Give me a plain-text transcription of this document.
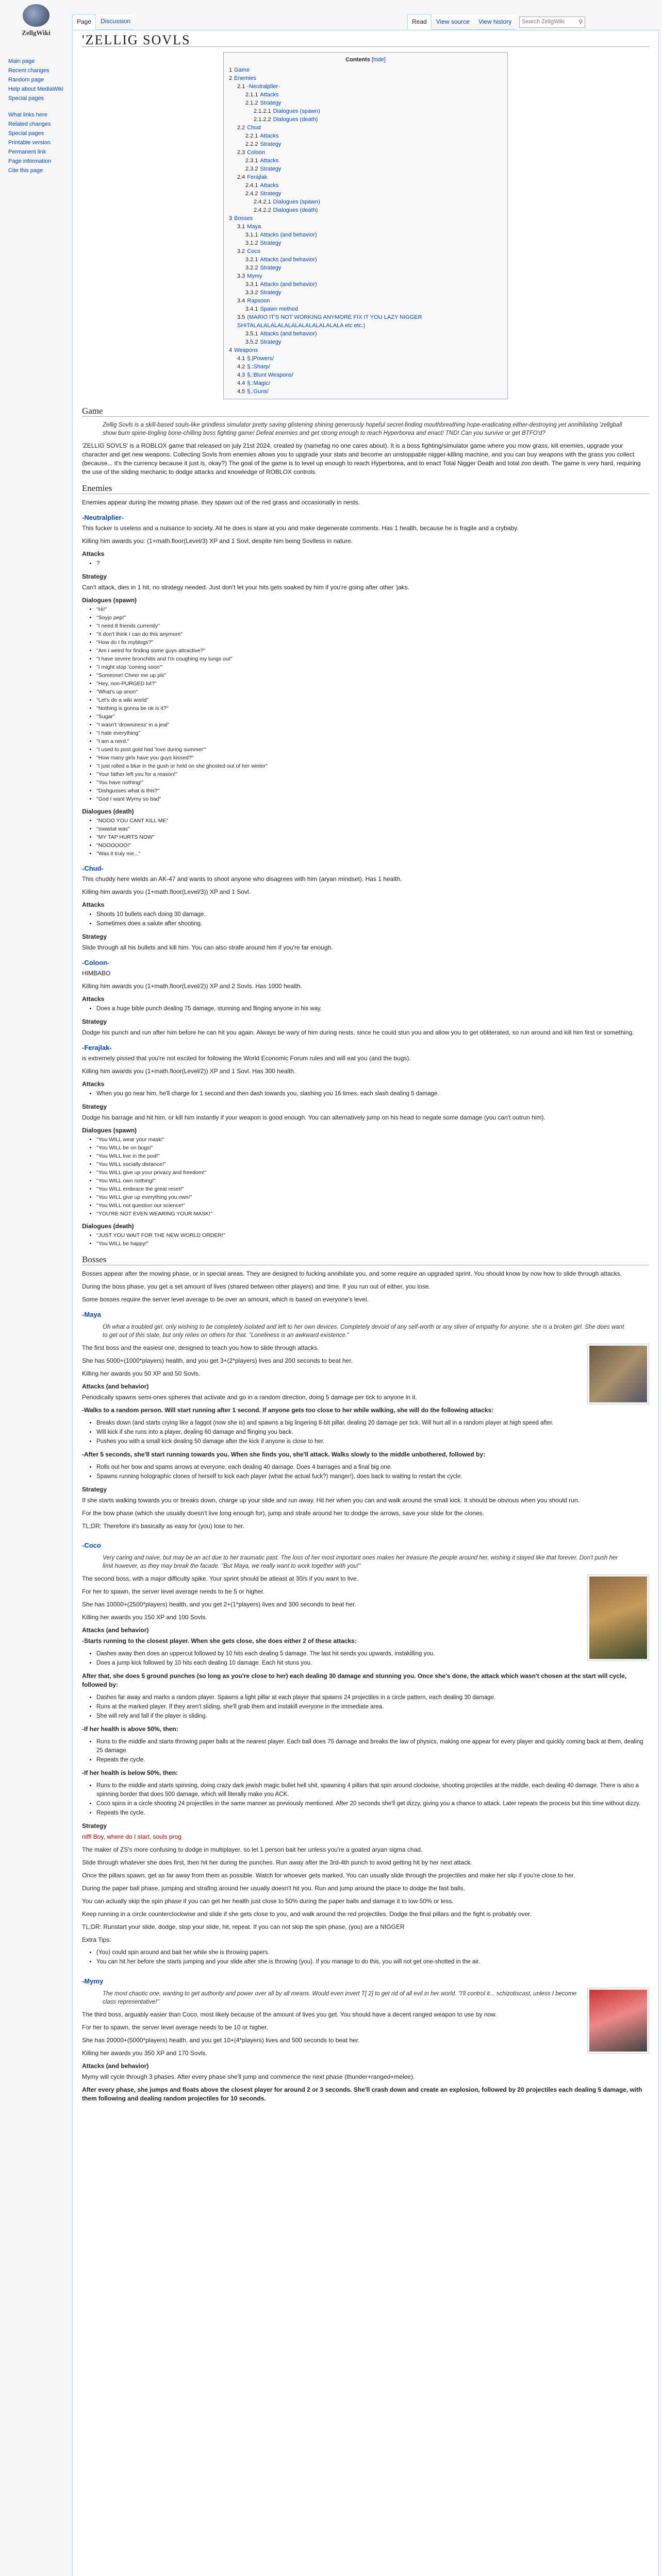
ZellgWiki
Main page
Recent changes
Random page
Help about MediaWiki
Special pages
What links here
Related changes
Special pages
Printable version
Permanent link
Page information
Cite this page
Page	Discussion	Read	View source	View history	Search ZellgWiki ⚲
'ZELLIG SOVLS
Contents [hide]
1 Game
2 Enemies
2.1 -Neutralplier-
2.1.1 Attacks
2.1.2 Strategy
2.1.2.1 Dialogues (spawn)
2.1.2.2 Dialogues (death)
2.2 Chud
2.2.1 Attacks
2.2.2 Strategy
2.3 Coloon
2.3.1 Attacks
2.3.2 Strategy
2.4 Ferajlak
2.4.1 Attacks
2.4.2 Strategy
2.4.2.1 Dialogues (spawn)
2.4.2.2 Dialogues (death)
3 Bosses
3.1 Maya
3.1.1 Attacks (and behavior)
3.1.2 Strategy
3.2 Coco
3.2.1 Attacks (and behavior)
3.2.2 Strategy
3.3 Mymy
3.3.1 Attacks (and behavior)
3.3.2 Strategy
3.4 Rapsoon
3.4.1 Spawn method
3.5 (MARIO IT'S NOT WORKING ANYMORE FIX IT YOU LAZY NIGGER SHITALALALALALALALALALALALALALA etc etc.)
3.5.1 Attacks (and behavior)
3.5.2 Strategy
4 Weapons
4.1 §.|Powers/
4.2 §.:Sharp/
4.3 §.:Blunt Weapons/
4.4 §.:Magic/
4.5 §.:Guns/
Game
Zellig Sovls is a skill-based souls-like grindless simulator pretty saving glistening shining generously hopeful secret-finding mouthbreathing hope-eradicating either-destroying yet annihilating 'zellgball show burn spine-tingling bone-chilling boss fighting game! Defeat enemies and get strong enough to reach Hyperborea and enact! TND! Can you survive or get BTFO'd?

'ZELLIG SOVLS' is a ROBLOX game that released on july 21st 2024, created by (namefag no one cares about). It is a boss fighting/simulator game where you mow grass, kill enemies, upgrade your character and get new weapons. Collecting Sovls from enemies allows you to upgrade your stats and become an unstoppable nigger-killing machine, and you can buy weapons with the grass you collect (because... it's the currency because it just is, okay?) The goal of the game is to level up enough to reach Hyperborea, and to enact Total Nigger Death and total zoo death. The game is very hard, requiring the use of the sliding mechanic to dodge attacks and knowledge of ROBLOX controls.

Enemies

Enemies appear during the mowing phase. they spawn out of the red grass and occasionally in nests.

-Neutralplier-

This fucker is useless and a nuisance to society. All he does is stare at you and make degenerate comments. Has 1 health, because he is fragile and a crybaby.

Killing him awards you: (1+math.floor(Level/3) XP and 1 Sovl, despite him being Sovlless in nature.

Attacks
• ?
Strategy

Can't attack, dies in 1 hit, no strategy needed. Just don't let your hits gets soaked by him if you're going after other 'jaks.

Dialogues (spawn)
• "Hi!"
• "Soyjo pep!"
• "I need 8 friends currently"
• "It don't think I can do this anymore"
• "How do I fix myblogs?"
• "Am I weird for finding some guys attractive?"
• "I have severe bronchitis and I'm coughing my lungs out"
• "I might stop 'coming soon'"
• "Someone! Cheer me up pls"
• "Hey, non-PURGED lol?"
• "What's up anon"
• "Let's do a wiki world"
• "Nothing is gonna be ok is it?"
• "Sugar"
• "I wasn't 'drowsiness' in a jeal"
• "I hate everything"
• "I am a nerd."
• "I used to post gold had 'love during summer'"
• "How many girls have you guys kissed?"
• "I just rolled a blue in the gush or held on she ghosted out of her winter"
• "Your father left you for a reason!"
• "You have nothing!"
• "Dishgusses what is this?"
• "God I want Wyrny so bad"
Dialogues (death)
• "NOOO YOU CANT KILL ME"
• "swastat was"
• "MY TAP HURTS NOW"
• "NOOOOOO!"
• "Was it truly me..."
-Chud-

This chuddy here wields an AK-47 and wants to shoot anyone who disagrees with him (aryan mindset). Has 1 health.

Killing him awards you (1+math.floor(Level/3)) XP and 1 Sovl.

Attacks
• Shoots 10 bullets each doing 30 damage.
• Sometimes does a salute after shooting.
Strategy

Slide through all his bullets and kill him. You can also strafe around him if you're far enough.

-Coloon-

HIMBABO

Killing him awards you (1+math.floor(Level/2)) XP and 2 Sovls. Has 1000 health.

Attacks
• Does a huge bible punch dealing 75 damage, stunning and flinging anyone in his way.
Strategy

Dodge his punch and run after him before he can hit you again. Always be wary of him during nests, since he could stun you and allow you to get obliterated, so run around and kill him first or something.

-Ferajlak-

is extremely pissed that you're not excited for following the World Economic Forum rules and will eat you (and the bugs).

Killing him awards you (1+math.floor(Level/2)) XP and 1 Sovl. Has 300 health.

Attacks
• When you go near him, he'll charge for 1 second and then dash towards you, slashing you 16 times, each slash dealing 5 damage.
Strategy

Dodge his barrage and hit him, or kill him instantly if your weapon is good enough. You can alternatively jump on his head to negate some damage (you can't outrun him).

Dialogues (spawn)
• "You WILL wear your mask!"
• "You WILL be on bugs!"
• "You WILL live in the pod!"
• "You WILL socially distance!"
• "You WILL give up your privacy and freedom!"
• "You WILL own nothing!"
• "You WILL embrace the great reset!"
• "You WILL give up everything you own!"
• "You WILL not question our science!"
• "YOU'RE NOT EVEN WEARING YOUR MASK!"
Dialogues (death)
• "JUST YOU WAIT FOR THE NEW WORLD ORDER!"
• "You WILL be happy!"
Bosses

Bosses appear after the mowing phase, or in special areas. They are designed to fucking annihilate you, and some require an upgraded sprint. You should know by now how to slide through attacks.

During the boss phase, you get a set amount of lives (shared between other players) and time. If you run out of either, you lose.

Some bosses require the server level average to be over an amount, which is based on everyone's level.

-Maya
Oh what a troubled girl, only wishing to be completely isolated and left to her own devices. Completely devoid of any self-worth or any sliver of empathy for anyone, she is a broken girl. She does want to get out of this state, but only relies on others for that. "Loneliness is an awkward existence."

The first boss and the easiest one, designed to teach you how to slide through attacks.

She has 5000+(1000*players) health, and you get 3+(2*players) lives and 200 seconds to beat her.

Killing her awards you 50 XP and 50 Sovls.

Attacks (and behavior)

Periodically spawns semi-ones spheres that activate and go in a random direction, doing 5 damage per tick to anyone in it.

-Walks to a random person. Will start running after 1 second. If anyone gets too close to her while walking, she will do the following attacks:

• Breaks down (and starts crying like a faggot (now she is) and spawns a big lingering 8-bit pillar, dealing 20 damage per tick. Will hurt all in a random player at high speed after.
• Will kick if she runs into a player, dealing 60 damage and flinging you back.
• Pushes you with a small kick dealing 50 damage after the kick if anyone is close to her.

-After 5 seconds, she'll start running towards you. When she finds you, she'll attack. Walks slowly to the middle unbothered, followed by:

• Rolls out her bow and spams arrows at everyone, each dealing 40 damage. Does 4 barrages and a final big one.
• Spawns running holographic clones of herself to kick each player (what the actual fuck?) manger!), does back to waiting to restart the cycle.
Strategy

If she starts walking towards you or breaks down, charge up your slide and run away. Hit her when you can and walk around the small kick. It should be obvious when you should run.

For the bow phase (which she usually doesn't live long enough for), jump and strafe around her to dodge the arrows, save your slide for the clones.

TL;DR: Therefore it's basically as easy for (you) lose to her.

-Coco
Very caring and naive, but may be an act due to her traumatic past. The loss of her most important ones makes her treasure the people around her, wishing it stayed like that forever. Don't push her limit however, as they may break the facade. "But Maya, we really want to work together with you!"

The second boss, with a major difficulty spike. Your sprint should be atleast at 30/s if you want to live.

For her to spawn, the server level average needs to be 5 or higher.

She has 10000+(2500*players) health, and you get 2+(1*players) lives and 300 seconds to beat her.

Killing her awards you 150 XP and 100 Sovls.

Attacks (and behavior)

-Starts running to the closest player. When she gets close, she does either 2 of these attacks:

• Dashes away then does an uppercut followed by 10 hits each dealing 5 damage. The last hit sends you upwards, instakilling you.
• Does a jump kick followed by 10 hits each dealing 10 damage. Each hit stuns you.

After that, she does 5 ground punches (so long as you're close to her) each dealing 30 damage and stunning you. Once she's done, the attack which wasn't chosen at the start will cycle, followed by:

• Dashes far away and marks a random player. Spawns a light pillar at each player that spawns 24 projectiles in a circle pattern, each dealing 30 damage.
• Runs at the marked player. If they aren't sliding, she'll grab them and instakill everyone in the immediate area.
• She will rely and fall if the player is sliding.

-If her health is above 50%, then:

• Runs to the middle and starts throwing paper balls at the nearest player. Each ball does 75 damage and breaks the law of physics, making one appear for every player and quickly coming back at them, dealing 25 damage.
• Repeats the cycle.

-If her health is below 50%, then:

• Runs to the middle and starts spinning, doing crazy dark jewish magic bullet hell shit, spawning 4 pillars that spin around clockwise, shooting projectiles at the middle, each dealing 40 damage. There is also a spinning border that does 500 damage, which will literally make you ACK.
• Coco spins in a circle shooting 24 projectiles in the same manner as previously mentioned. After 20 seconds she'll get dizzy, giving you a chance to attack. Later repeats the process but this time without dizzy.
• Repeats the cycle.
Strategy

niffl Boy, where do I start, souls prog

The maker of ZS's more confusing to dodge in multiplayer, so let 1 person bait her unless you're a goated aryan sigma chad.

Slide through whatever she does first, then hit her during the punches. Run away after the 3rd-4th punch to avoid getting hit by her next attack.

Once the pillars spawn, get as far away from them as possible. Watch for whoever gets marked. You can usually slide through the projectiles and make her slip if you're close to her.

During the paper ball phase, jumping and strafing around her usually doesn't hit you. Run and jump around the place to dodge the fast balls.

You can actually skip the spin phase if you can get her health just close to 50% during the paper balls and damage it to low 50% or less.

Keep running in a circle counterclockwise and slide if she gets close to you, and walk around the red projectiles. Dodge the final pillars and the fight is probably over.

TL;DR: Runstart your slide, dodge, stop your slide, hit, repeat. If you can not skip the spin phase, (you) are a NIGGER

Extra Tips:

• (You) could spin around and bait her while she is throwing papers.
• You can hit her before she starts jumping and your slide after she is throwing (you). If you manage to do this, you will not get one-shotted in the air.
-Mymy
The most chaotic one, wanting to get authority and power over all by all means. Would even invert T[ 2] to get rid of all evil in her world. "I'll control it... schizotiscast, unless I become class representative!"

The third boss, arguably easier than Coco, most likely because of the amount of lives you get. You should have a decent ranged weapon to use by now.

For her to spawn, the server level average needs to be 10 or higher.

She has 20000+(5000*players) health, and you get 10+(4*players) lives and 500 seconds to beat her.

Killing her awards you 350 XP and 170 Sovls.

Attacks (and behavior)

Mymy will cycle through 3 phases. After every phase she'll jump and commence the next phase (thunder+ranged+melee).

After every phase, she jumps and floats above the closest player for around 2 or 3 seconds. She'll crash down and create an explosion, followed by 20 projectiles each dealing 5 damage, with them following and dealing random projectiles for 10 seconds.
